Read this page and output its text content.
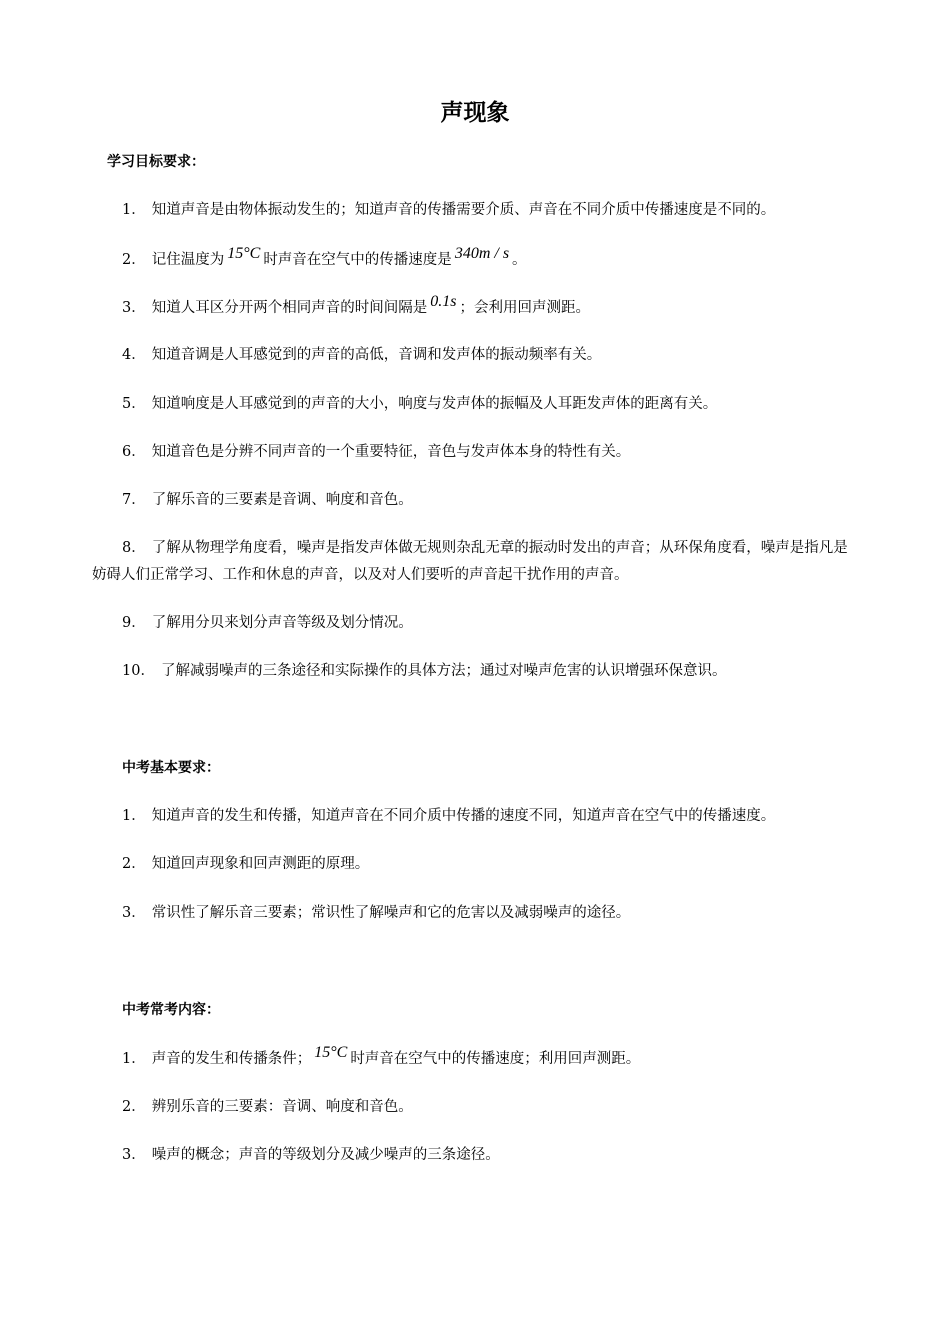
声现象
学习目标要求：
1． 知道声音是由物体振动发生的；知道声音的传播需要介质、声音在不同介质中传播速度是不同的。
2． 记住温度为 15°C 时声音在空气中的传播速度是 340m / s 。
3． 知道人耳区分开两个相同声音的时间间隔是 0.1s ；会利用回声测距。
4． 知道音调是人耳感觉到的声音的高低，音调和发声体的振动频率有关。
5． 知道响度是人耳感觉到的声音的大小，响度与发声体的振幅及人耳距发声体的距离有关。
6． 知道音色是分辨不同声音的一个重要特征，音色与发声体本身的特性有关。
7． 了解乐音的三要素是音调、响度和音色。
8． 了解从物理学角度看，噪声是指发声体做无规则杂乱无章的振动时发出的声音；从环保角度看，噪声是指凡是妨碍人们正常学习、工作和休息的声音，以及对人们要听的声音起干扰作用的声音。
9． 了解用分贝来划分声音等级及划分情况。
10． 了解减弱噪声的三条途径和实际操作的具体方法；通过对噪声危害的认识增强环保意识。
中考基本要求：
1． 知道声音的发生和传播，知道声音在不同介质中传播的速度不同，知道声音在空气中的传播速度。
2． 知道回声现象和回声测距的原理。
3． 常识性了解乐音三要素；常识性了解噪声和它的危害以及减弱噪声的途径。
中考常考内容：
1． 声音的发生和传播条件； 15°C 时声音在空气中的传播速度；利用回声测距。
2． 辨别乐音的三要素：音调、响度和音色。
3． 噪声的概念；声音的等级划分及减少噪声的三条途径。
